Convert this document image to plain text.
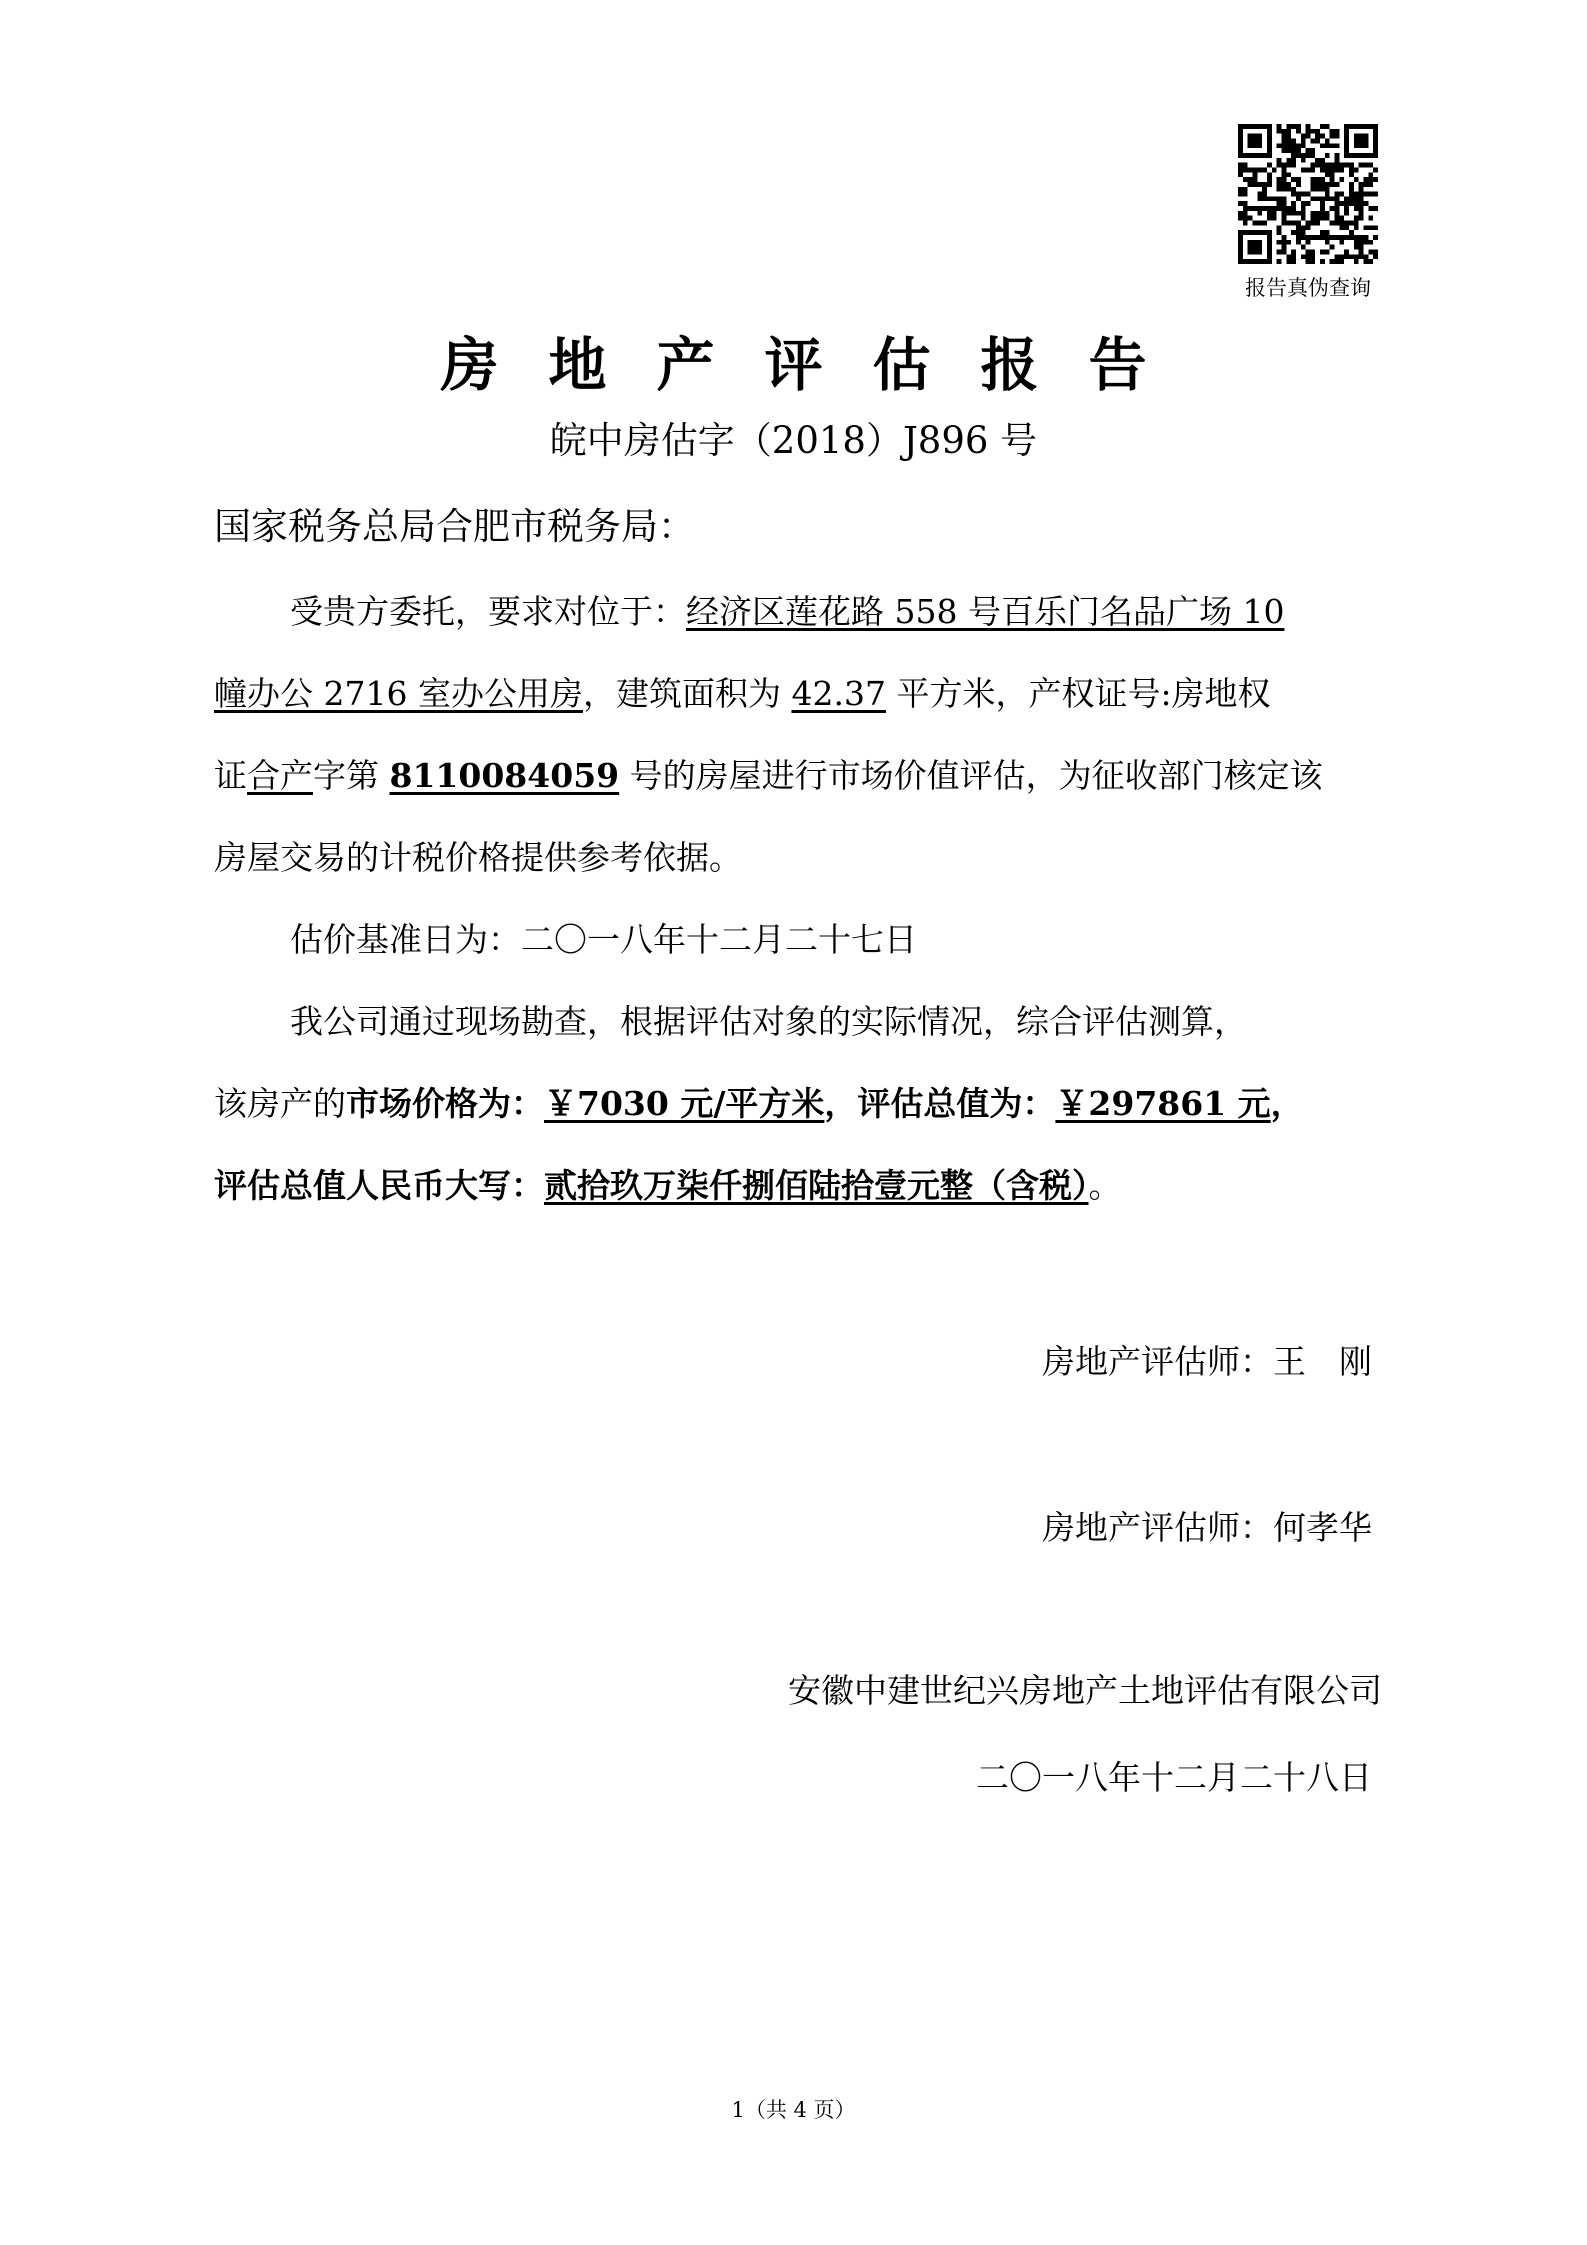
报告真伪查询
房地产评估报告
皖中房估字（2018）J896 号
国家税务总局合肥市税务局：
受贵方委托，要求对位于：经济区莲花路 558 号百乐门名品广场 10
幢办公 2716 室办公用房，建筑面积为 42.37 平方米，产权证号:房地权
证合产字第 8110084059 号的房屋进行市场价值评估，为征收部门核定该
房屋交易的计税价格提供参考依据。
估价基准日为：二〇一八年十二月二十七日
我公司通过现场勘查，根据评估对象的实际情况，综合评估测算，
该房产的市场价格为：￥7030 元/平方米，评估总值为：￥297861 元，
评估总值人民币大写：贰拾玖万柒仟捌佰陆拾壹元整（含税）。
房地产评估师：王　刚
房地产评估师：何孝华
安徽中建世纪兴房地产土地评估有限公司
二〇一八年十二月二十八日
1（共 4 页）
